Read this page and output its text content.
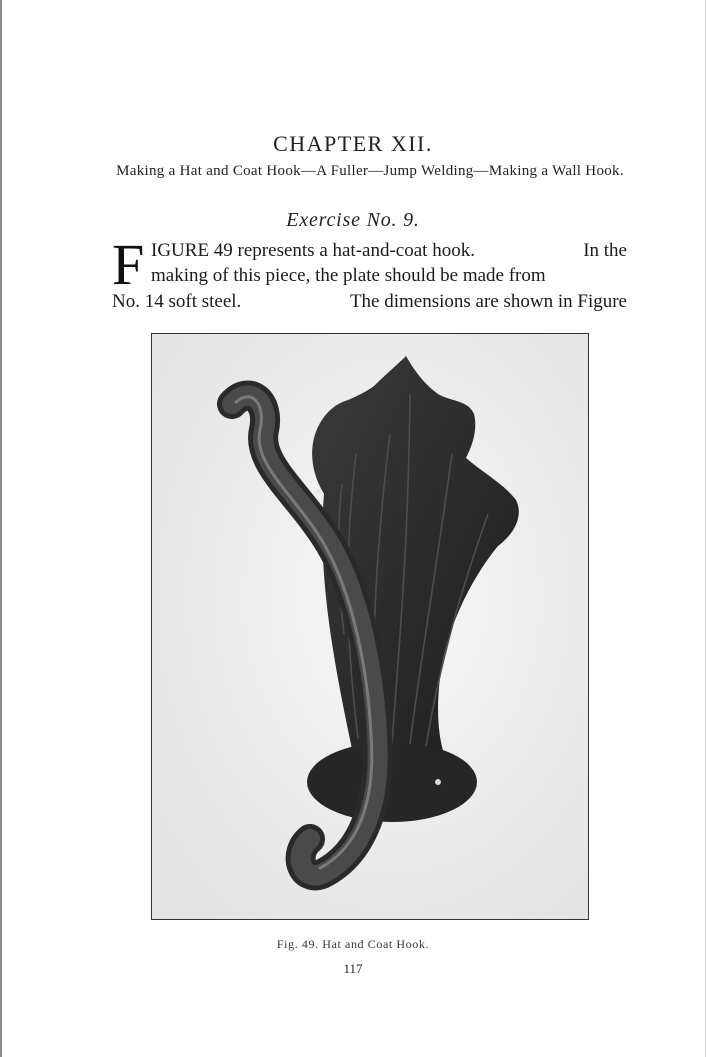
CHAPTER XII.
Making a Hat and Coat Hook—A Fuller—Jump Welding—Making a Wall Hook.
Exercise No. 9.
F IGURE 49 represents a hat-and-coat hook.	In the
making of this piece, the plate should be made from
No. 14 soft steel.	The dimensions are shown in Figure
Fig. 49. Hat and Coat Hook.
117
